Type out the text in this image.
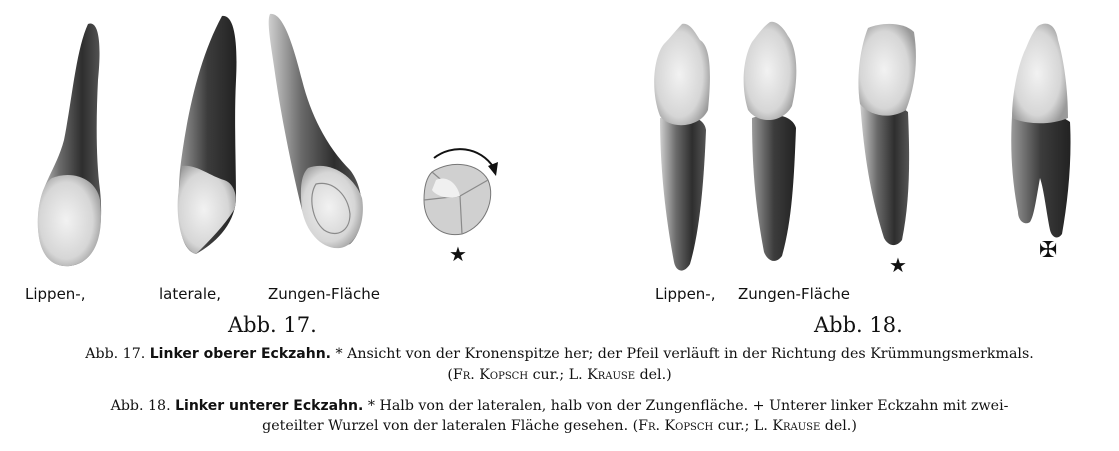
★
Lippen-,	laterale,	Zungen-Fläche
Abb. 17.
★
✠
Lippen-, Zungen-Fläche
Abb. 18.
Abb. 17. Linker oberer Eckzahn. * Ansicht von der Kronenspitze her; der Pfeil verläuft in der Richtung des Krümmungsmerkmals.
(Fr. Kopsch cur.; L. Krause del.)
Abb. 18. Linker unterer Eckzahn. * Halb von der lateralen, halb von der Zungenfläche. + Unterer linker Eckzahn mit zwei-
geteilter Wurzel von der lateralen Fläche gesehen. (Fr. Kopsch cur.; L. Krause del.)
